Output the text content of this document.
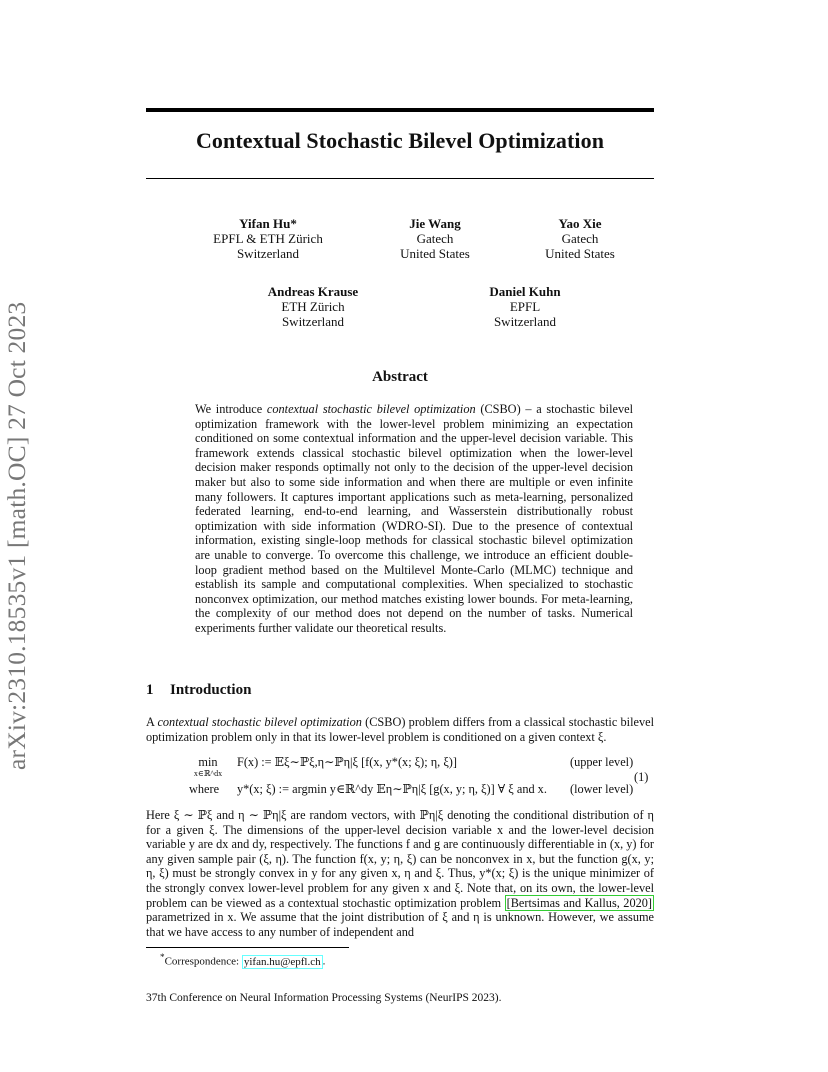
arXiv:2310.18535v1 [math.OC] 27 Oct 2023
Contextual Stochastic Bilevel Optimization
Yifan Hu*
EPFL & ETH Zürich
Switzerland
Jie Wang
Gatech
United States
Yao Xie
Gatech
United States
Andreas Krause
ETH Zürich
Switzerland
Daniel Kuhn
EPFL
Switzerland
Abstract
We introduce contextual stochastic bilevel optimization (CSBO) – a stochastic bilevel optimization framework with the lower-level problem minimizing an expectation conditioned on some contextual information and the upper-level decision variable. This framework extends classical stochastic bilevel optimization when the lower-level decision maker responds optimally not only to the decision of the upper-level decision maker but also to some side information and when there are multiple or even infinite many followers. It captures important applications such as meta-learning, personalized federated learning, end-to-end learning, and Wasserstein distributionally robust optimization with side information (WDRO-SI). Due to the presence of contextual information, existing single-loop methods for classical stochastic bilevel optimization are unable to converge. To overcome this challenge, we introduce an efficient double-loop gradient method based on the Multilevel Monte-Carlo (MLMC) technique and establish its sample and computational complexities. When specialized to stochastic nonconvex optimization, our method matches existing lower bounds. For meta-learning, the complexity of our method does not depend on the number of tasks. Numerical experiments further validate our theoretical results.
1 Introduction
A contextual stochastic bilevel optimization (CSBO) problem differs from a classical stochastic bilevel optimization problem only in that its lower-level problem is conditioned on a given context ξ.
min
x∈ℝ^dx
F(x) := 𝔼ξ∼ℙξ,η∼ℙη|ξ [f(x, y*(x; ξ); η, ξ)]	(upper level)
(1)
where y*(x; ξ) := argmin y∈ℝ^dy 𝔼η∼ℙη|ξ [g(x, y; η, ξ)] ∀ ξ and x. (lower level)
Here ξ ∼ ℙξ and η ∼ ℙη|ξ are random vectors, with ℙη|ξ denoting the conditional distribution of η for a given ξ. The dimensions of the upper-level decision variable x and the lower-level decision variable y are dx and dy, respectively. The functions f and g are continuously differentiable in (x, y) for any given sample pair (ξ, η). The function f(x, y; η, ξ) can be nonconvex in x, but the function g(x, y; η, ξ) must be strongly convex in y for any given x, η and ξ. Thus, y*(x; ξ) is the unique minimizer of the strongly convex lower-level problem for any given x and ξ. Note that, on its own, the lower-level problem can be viewed as a contextual stochastic optimization problem [Bertsimas and Kallus, 2020] parametrized in x. We assume that the joint distribution of ξ and η is unknown. However, we assume that we have access to any number of independent and
*Correspondence: yifan.hu@epfl.ch .
37th Conference on Neural Information Processing Systems (NeurIPS 2023).
